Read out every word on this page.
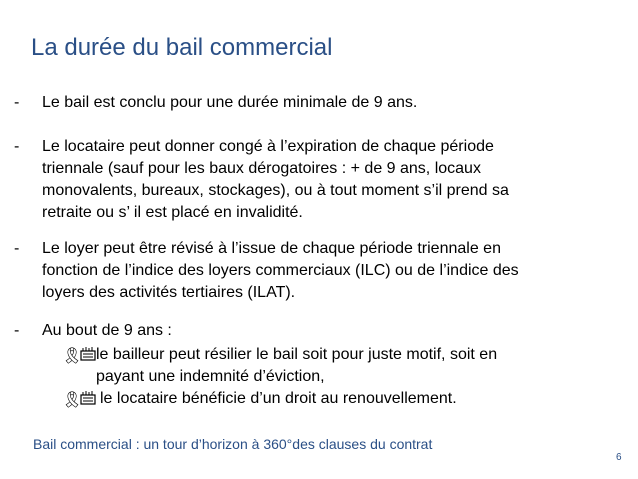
La durée du bail commercial
- Le bail est conclu pour une durée minimale de 9 ans.
- Le locataire peut donner congé à l’expiration de chaque période
triennale (sauf pour les baux dérogatoires : + de 9 ans, locaux
monovalents, bureaux, stockages), ou à tout moment s’il prend sa
retraite ou s’ il est placé en invalidité.
- Le loyer peut être révisé à l’issue de chaque période triennale en
fonction de l’indice des loyers commerciaux (ILC) ou de l’indice des
loyers des activités tertiaires (ILAT).
- Au bout de 9 ans :
🎗 le bailleur peut résilier le bail soit pour juste motif, soit en
payant une indemnité d’éviction,
🎗 le locataire bénéficie d’un droit au renouvellement.
Bail commercial : un tour d’horizon à 360°des clauses du contrat
6
